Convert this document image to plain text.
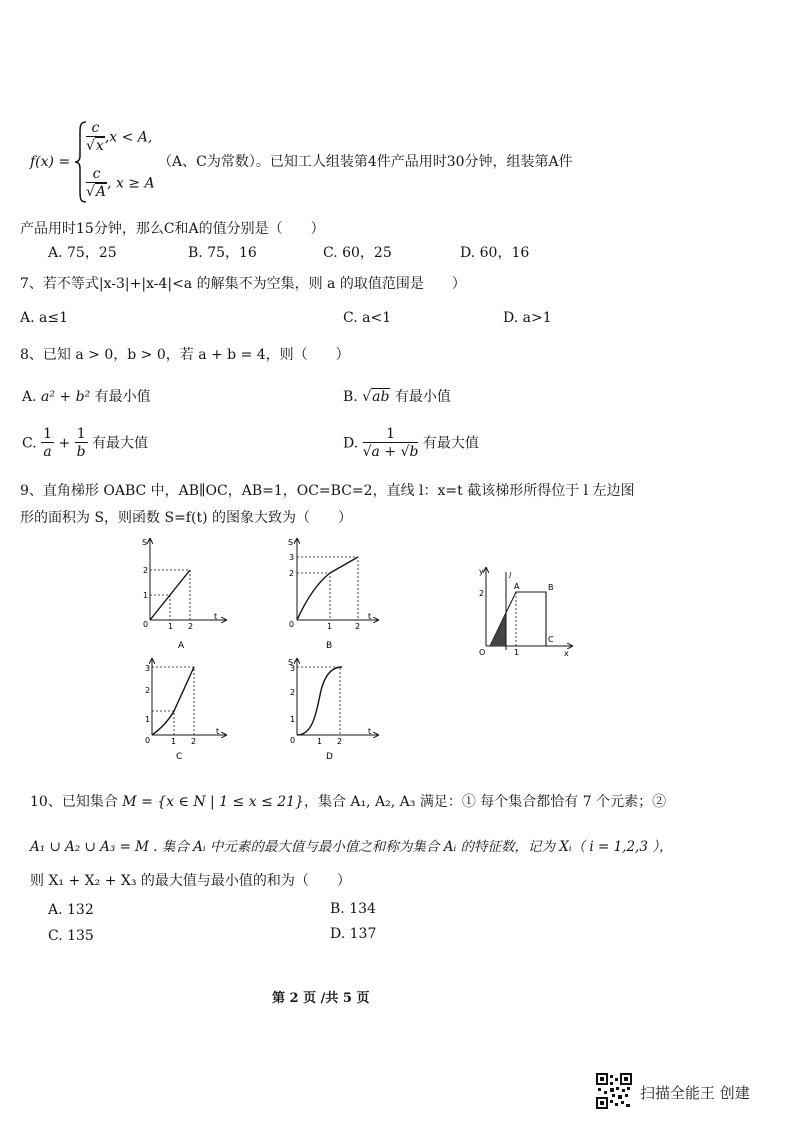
f(x) =
$\frac{c}{√x} ,x < A$,
$\frac{c}{√A}$ , x ≥ A
（A、C为常数）。已知工人组装第4件产品用时30分钟，组装第A件
产品用时15分钟，那么C和A的值分别是（　　）
A. 75，25	B. 75，16	C. 60，25	D. 60，16
7、若不等式|x-3|+|x-4|<a 的解集不为空集，则 a 的取值范围是　　）
A. a≤1	C. a<1	D. a>1
8、已知 a > 0，b > 0，若 a + b = 4，则（　　）
A. a² + b² 有最小值	B. √ab 有最小值
C. $\frac{1}{a} + \frac{1}{b}$ 有最大值	D. $\frac{1}{√a + √b}$ 有最大值
9、直角梯形 OABC 中，AB∥OC，AB=1，OC=BC=2，直线 l：x=t 截该梯形所得位于 l 左边图
形的面积为 S，则函数 S=f(t) 的图象大致为（　　）
S
t
0 1 2
1
2
A
S
t
0	1	2
2
3
B
y	l
A	B
C
x
O	1
2
t
0	1 2
1
2
3
C
S
t
0	1 2
1
2
3
D
10、已知集合 M = {x ∈ N | 1 ≤ x ≤ 21}，集合 A₁, A₂, A₃ 满足：① 每个集合都恰有 7 个元素；②
A₁ ∪ A₂ ∪ A₃ = M . 集合 Aᵢ 中元素的最大值与最小值之和称为集合 Aᵢ 的特征数，记为 Xᵢ（ i = 1,2,3 ），
则 X₁ + X₂ + X₃ 的最大值与最小值的和为（　　）
A. 132	B. 134
C. 135	D. 137
第 2 页 /共 5 页
扫描全能王 创建
